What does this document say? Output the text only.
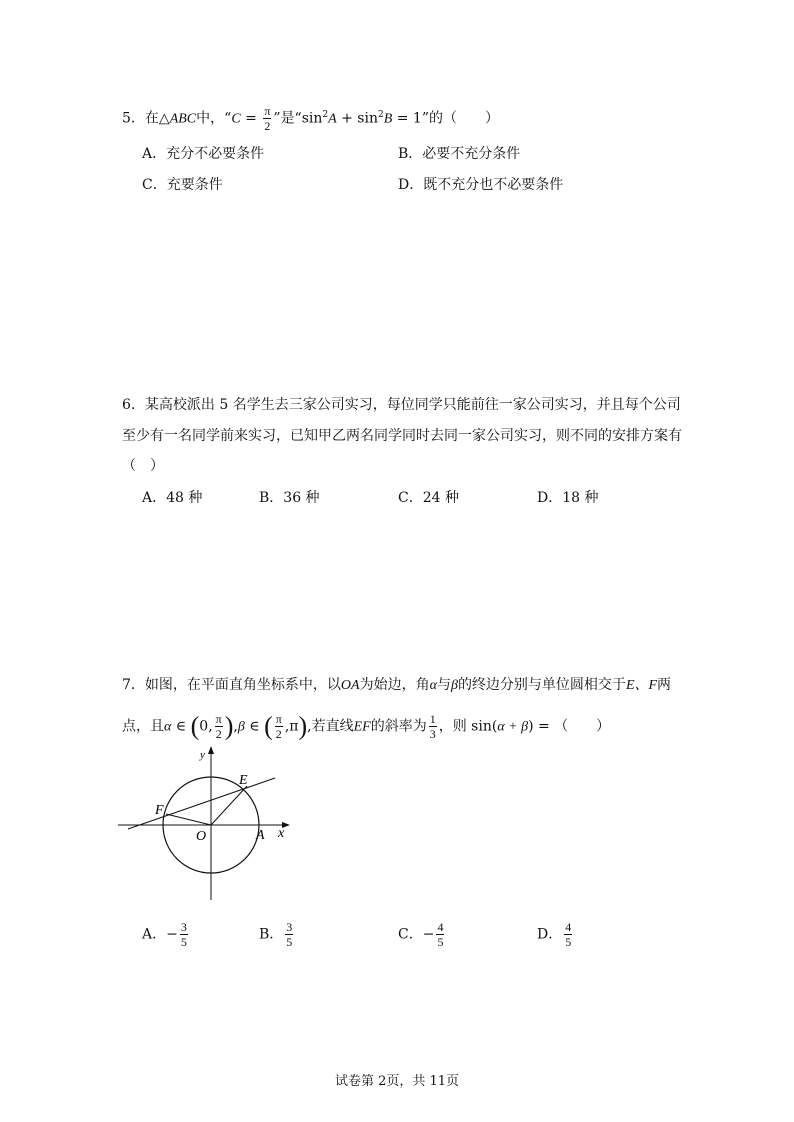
5．在△ABC中，“$C = \frac{\pi}{2}$ ”是“$\sin^2A + \sin^2B = 1$”的（　　）
A．充分不必要条件	B．必要不充分条件
C．充要条件	D．既不充分也不必要条件
6．某高校派出 5 名学生去三家公司实习，每位同学只能前往一家公司实习，并且每个公司
至少有一名同学前来实习，已知甲乙两名同学同时去同一家公司实习，则不同的安排方案有
（　）
A．48 种	B．36 种	C．24 种	D．18 种
7．如图，在平面直角坐标系中，以OA为始边，角α与β的终边分别与单位圆相交于E、F两
点，且α ∈ (0, $\frac{\pi}{2} ),\beta$ ∈ ( $\frac{\pi}{2} ,\pi$),若直线EF的斜率为 $\frac{1}{3}$ ，则 sin(α + β) = （　　）
y
x
O	A
E
F
A．− $\frac{3}{5}$	B． $\frac{3}{5}$	C．− $\frac{4}{5}$	D． $\frac{4}{5}$
试卷第 2页，共 11页
